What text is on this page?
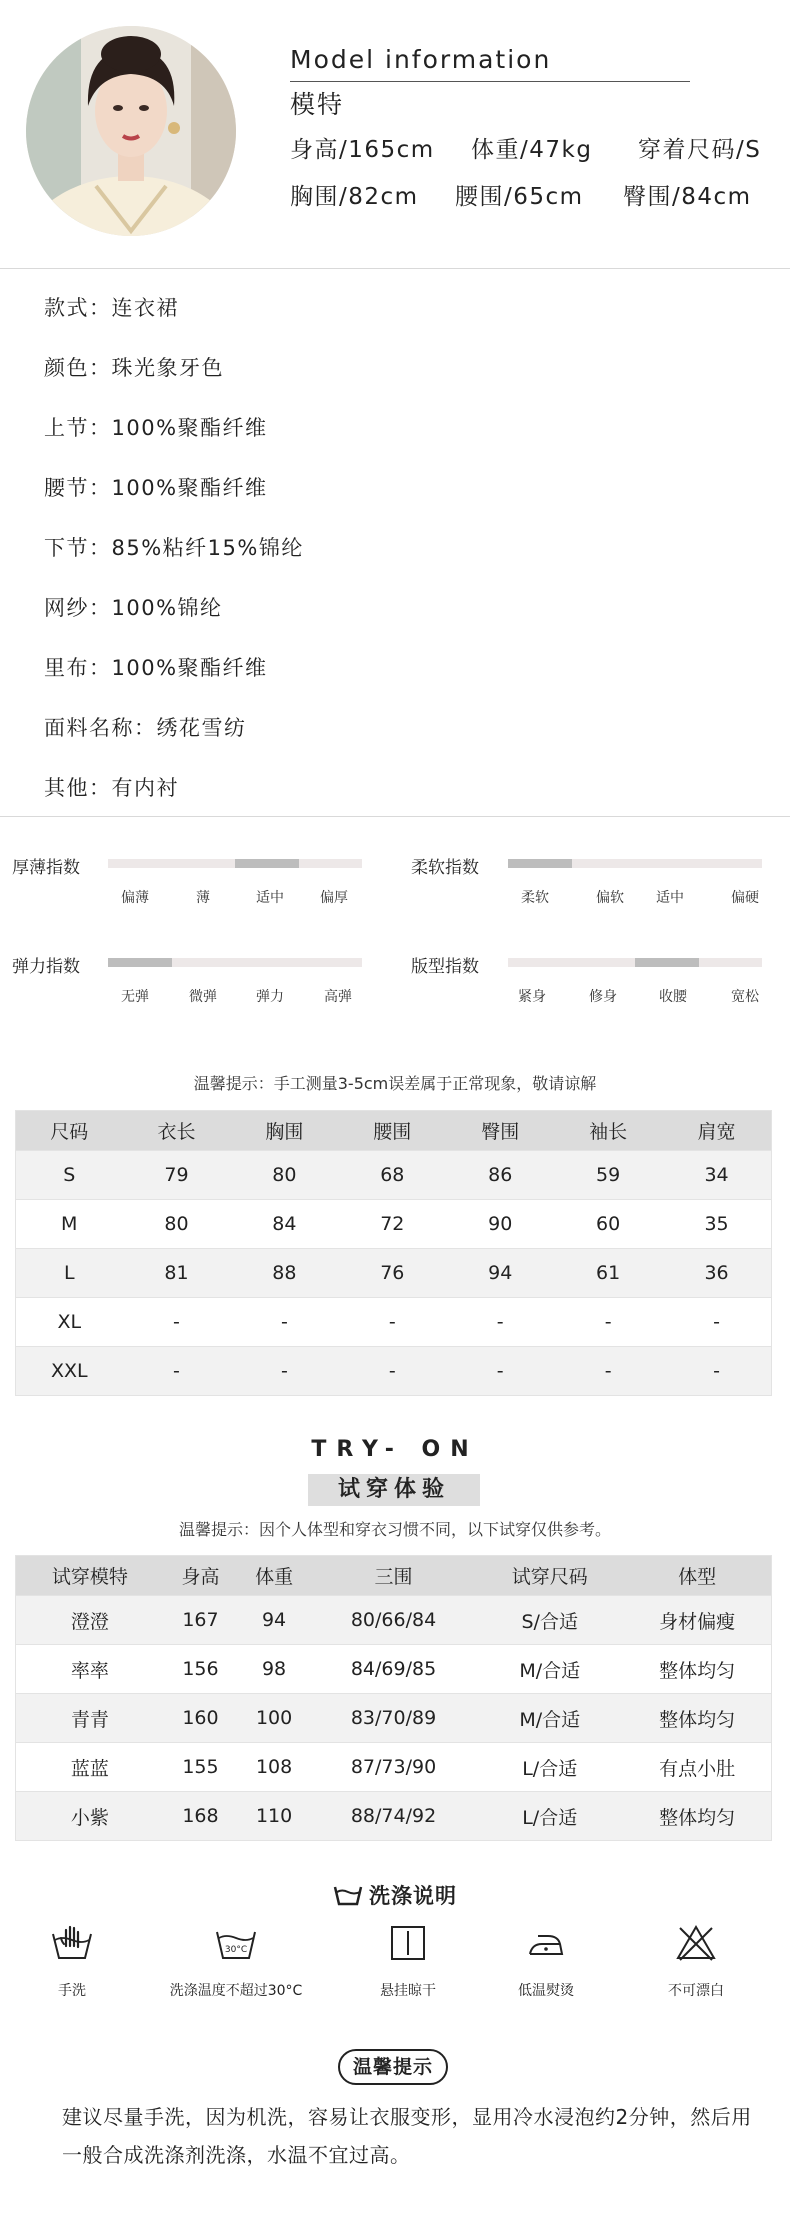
Model information
模特
身高/165cm 体重/47kg 穿着尺码/S
胸围/82cm 腰围/65cm 臀围/84cm
款式：连衣裙
颜色：珠光象牙色
上节：100%聚酯纤维
腰节：100%聚酯纤维
下节：85%粘纤15%锦纶
网纱：100%锦纶
里布：100%聚酯纤维
面料名称：绣花雪纺
其他：有内衬
厚薄指数
偏薄	薄	适中	偏厚
柔软指数
柔软	偏软 适中	偏硬
弹力指数
无弹	微弹	弹力	高弹
版型指数
紧身	修身	收腰	宽松
温馨提示：手工测量3-5cm误差属于正常现象，敬请谅解
尺码	衣长	胸围	腰围	臀围	袖长	肩宽
S	79	80	68	86	59	34
M	80	84	72	90	60	35
L	81	88	76	94	61	36
XL	-	-	-	-	-	-
XXL	-	-	-	-	-	-
TRY- ON
试穿体验
温馨提示：因个人体型和穿衣习惯不同，以下试穿仅供参考。
试穿模特	身高	体重	三围	试穿尺码	体型
澄澄	167	94	80/66/84	S/合适	身材偏瘦
率率	156	98	84/69/85	M/合适	整体均匀
青青	160	100	83/70/89	M/合适	整体均匀
蓝蓝	155	108	87/73/90	L/合适	有点小肚
小紫	168	110	88/74/92	L/合适	整体均匀
洗涤说明
30°C
手洗	洗涤温度不超过30°C	悬挂晾干	低温熨烫	不可漂白
温馨提示
建议尽量手洗，因为机洗，容易让衣服变形，显用冷水浸泡约2分钟，然后用一般合成洗涤剂洗涤，水温不宜过高。
